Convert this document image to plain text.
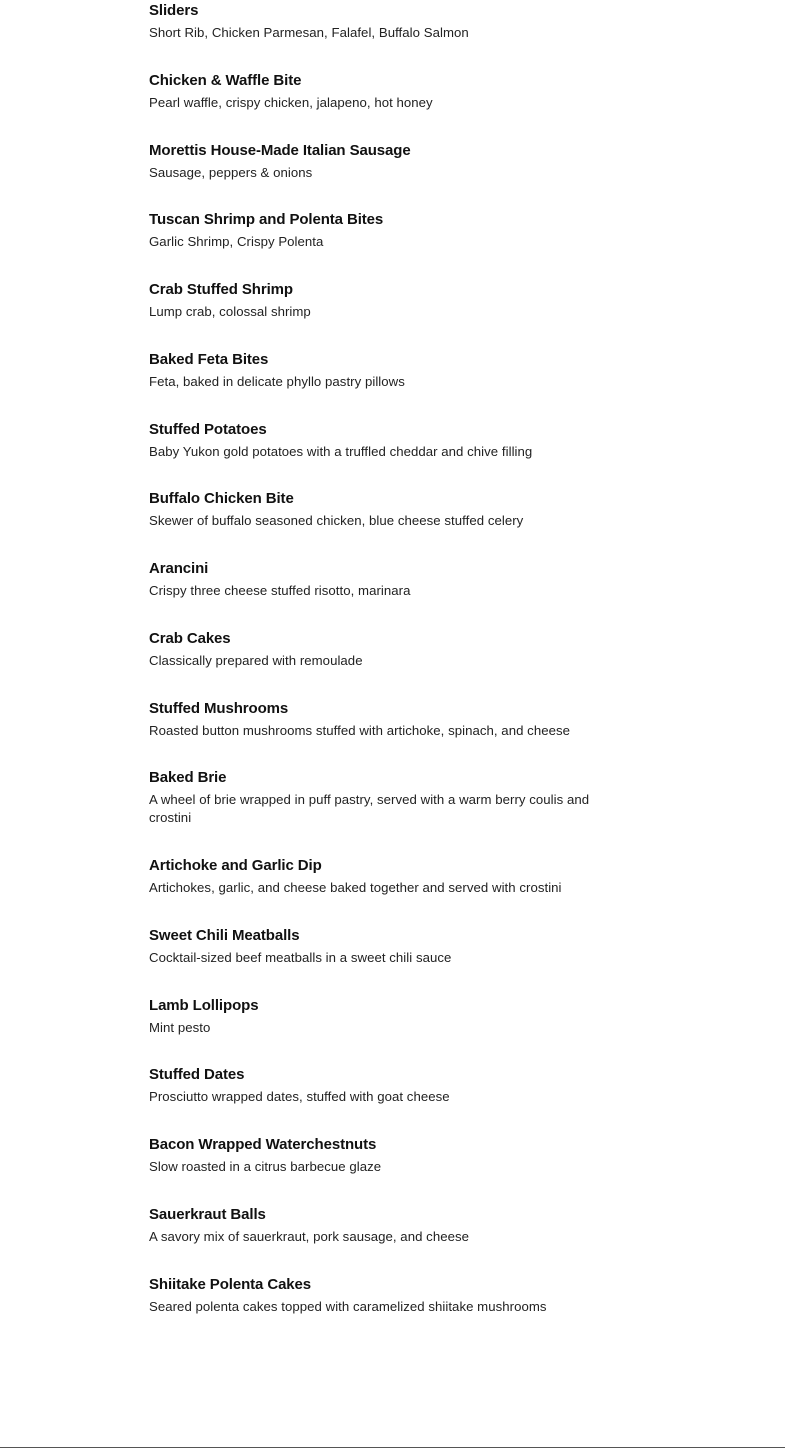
Sliders
Short Rib, Chicken Parmesan, Falafel, Buffalo Salmon
Chicken & Waffle Bite
Pearl waffle, crispy chicken, jalapeno, hot honey
Morettis House-Made Italian Sausage
Sausage, peppers & onions
Tuscan Shrimp and Polenta Bites
Garlic Shrimp, Crispy Polenta
Crab Stuffed Shrimp
Lump crab, colossal shrimp
Baked Feta Bites
Feta, baked in delicate phyllo pastry pillows
Stuffed Potatoes
Baby Yukon gold potatoes with a truffled cheddar and chive filling
Buffalo Chicken Bite
Skewer of buffalo seasoned chicken, blue cheese stuffed celery
Arancini
Crispy three cheese stuffed risotto, marinara
Crab Cakes
Classically prepared with remoulade
Stuffed Mushrooms
Roasted button mushrooms stuffed with artichoke, spinach, and cheese
Baked Brie
A wheel of brie wrapped in puff pastry, served with a warm berry coulis and crostini
Artichoke and Garlic Dip
Artichokes, garlic, and cheese baked together and served with crostini
Sweet Chili Meatballs
Cocktail-sized beef meatballs in a sweet chili sauce
Lamb Lollipops
Mint pesto
Stuffed Dates
Prosciutto wrapped dates, stuffed with goat cheese
Bacon Wrapped Waterchestnuts
Slow roasted in a citrus barbecue glaze
Sauerkraut Balls
A savory mix of sauerkraut, pork sausage, and cheese
Shiitake Polenta Cakes
Seared polenta cakes topped with caramelized shiitake mushrooms
